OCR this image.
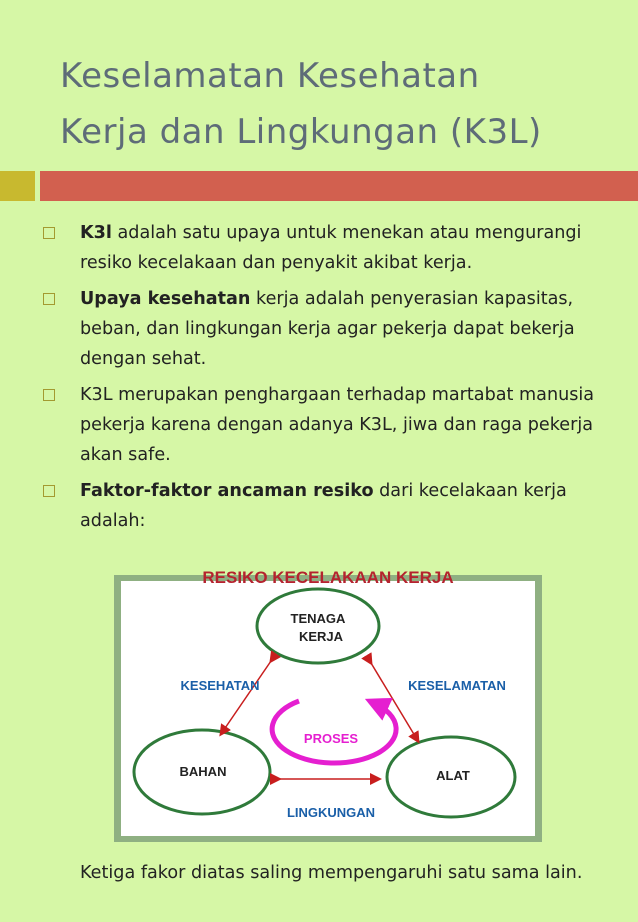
Keselamatan Kesehatan
Kerja dan Lingkungan (K3L)
K3l adalah satu upaya untuk menekan atau mengurangi resiko kecelakaan dan penyakit akibat kerja.
Upaya kesehatan kerja adalah penyerasian kapasitas, beban, dan lingkungan kerja agar pekerja dapat bekerja dengan sehat.
K3L merupakan penghargaan terhadap martabat manusia pekerja karena dengan adanya K3L, jiwa dan raga pekerja akan safe.
Faktor-faktor ancaman resiko dari kecelakaan kerja adalah:
RESIKO KECELAKAAN KERJA
TENAGA
KERJA
BAHAN	ALAT
KESEHATAN	KESELAMATAN
LINGKUNGAN
PROSES

Ketiga fakor diatas saling mempengaruhi satu sama lain.
